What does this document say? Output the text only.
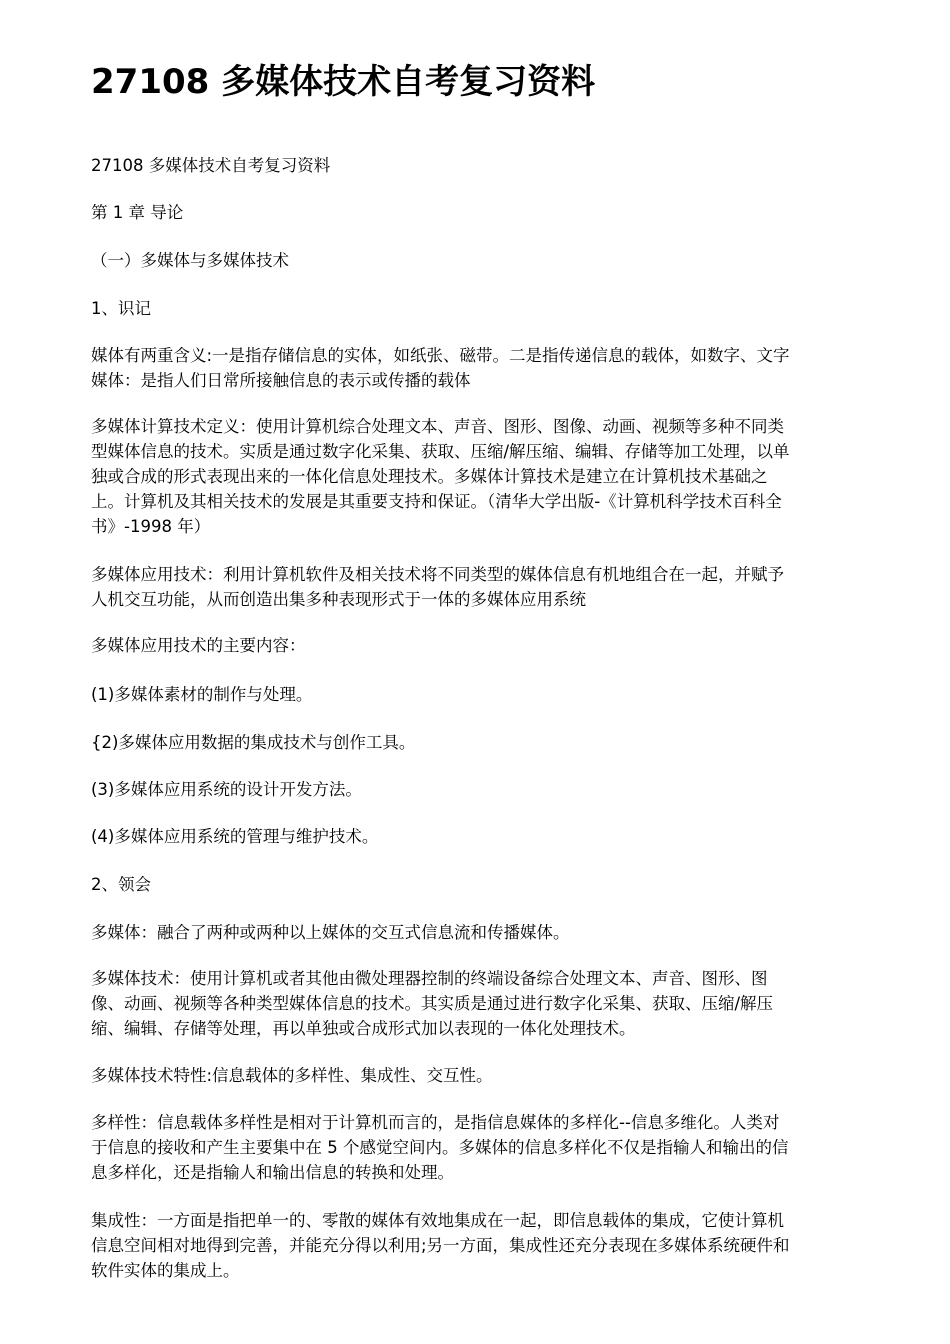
27108 多媒体技术自考复习资料

27108 多媒体技术自考复习资料

第 1 章 导论

（一）多媒体与多媒体技术

1、识记

媒体有两重含义:一是指存储信息的实体，如纸张、磁带。二是指传递信息的载体，如数字、文字
媒体：是指人们日常所接触信息的表示或传播的载体

多媒体计算技术定义：使用计算机综合处理文本、声音、图形、图像、动画、视频等多种不同类
型媒体信息的技术。实质是通过数字化采集、获取、压缩/解压缩、编辑、存储等加工处理，以单
独或合成的形式表现出来的一体化信息处理技术。多媒体计算技术是建立在计算机技术基础之
上。计算机及其相关技术的发展是其重要支持和保证。（清华大学出版-《计算机科学技术百科全
书》-1998 年）

多媒体应用技术：利用计算机软件及相关技术将不同类型的媒体信息有机地组合在一起，并赋予
人机交互功能，从而创造出集多种表现形式于一体的多媒体应用系统

多媒体应用技术的主要内容：

(1)多媒体素材的制作与处理。

{2)多媒体应用数据的集成技术与创作工具。

(3)多媒体应用系统的设计开发方法。

(4)多媒体应用系统的管理与维护技术。

2、领会

多媒体：融合了两种或两种以上媒体的交互式信息流和传播媒体。

多媒体技术：使用计算机或者其他由微处理器控制的终端设备综合处理文本、声音、图形、图
像、动画、视频等各种类型媒体信息的技术。其实质是通过进行数字化采集、获取、压缩/解压
缩、编辑、存储等处理，再以单独或合成形式加以表现的一体化处理技术。

多媒体技术特性:信息载体的多样性、集成性、交互性。

多样性：信息载体多样性是相对于计算机而言的，是指信息媒体的多样化--信息多维化。人类对
于信息的接收和产生主要集中在 5 个感觉空间内。多媒体的信息多样化不仅是指输人和输出的信
息多样化，还是指输人和输出信息的转换和处理。

集成性：一方面是指把单一的、零散的媒体有效地集成在一起，即信息载体的集成，它使计算机
信息空间相对地得到完善，并能充分得以利用;另一方面，集成性还充分表现在多媒体系统硬件和
软件实体的集成上。
